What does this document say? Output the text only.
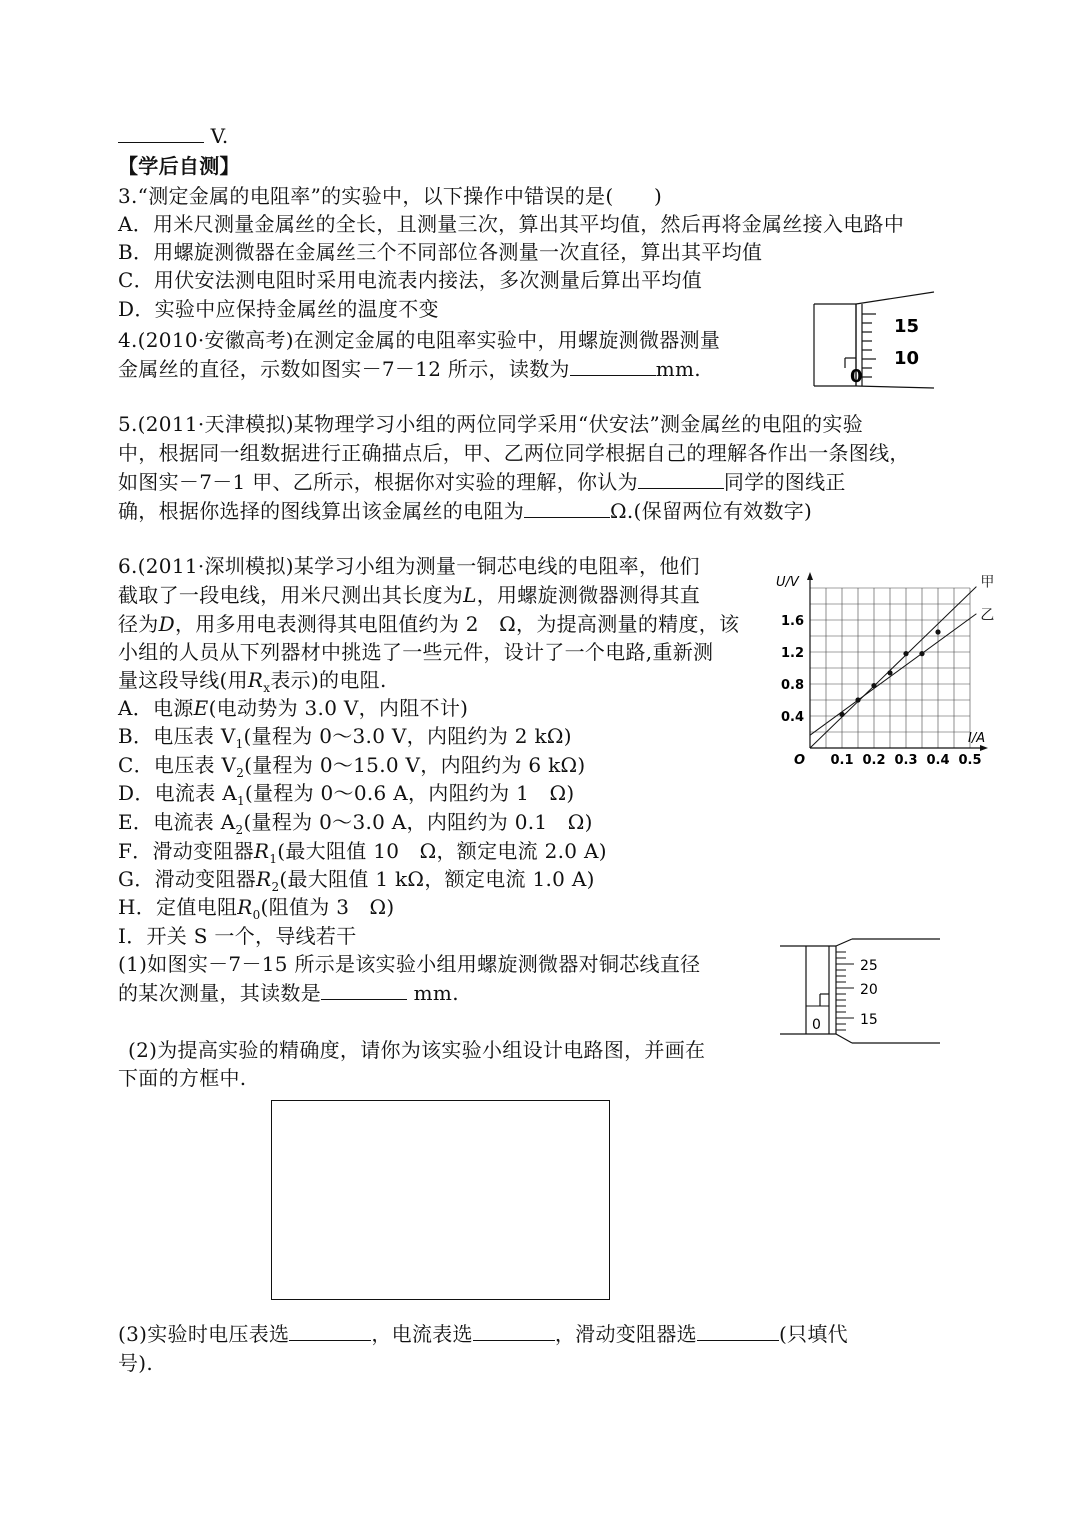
V.
【学后自测】
3.“测定金属的电阻率”的实验中，以下操作中错误的是(　　)
A．用米尺测量金属丝的全长，且测量三次，算出其平均值，然后再将金属丝接入电路中
B．用螺旋测微器在金属丝三个不同部位各测量一次直径，算出其平均值
C．用伏安法测电阻时采用电流表内接法，多次测量后算出平均值
D．实验中应保持金属丝的温度不变
4.(2010·安徽高考)在测定金属的电阻率实验中，用螺旋测微器测量
金属丝的直径，示数如图实－7－12 所示，读数为	mm.	0
15
10
5.(2011·天津模拟)某物理学习小组的两位同学采用“伏安法”测金属丝的电阻的实验
中，根据同一组数据进行正确描点后，甲、乙两位同学根据自己的理解各作出一条图线，
如图实－7－1 甲、乙所示，根据你对实验的理解，你认为	同学的图线正
确，根据你选择的图线算出该金属丝的电阻为	Ω.(保留两位有效数字)
6.(2011·深圳模拟)某学习小组为测量一铜芯电线的电阻率，他们
截取了一段电线，用米尺测出其长度为L，用螺旋测微器测得其直
径为D，用多用电表测得其电阻值约为 2　Ω，为提高测量的精度，该
小组的人员从下列器材中挑选了一些元件，设计了一个电路,重新测
量这段导线(用$R_x$表示)的电阻.
A．电源E(电动势为 3.0 V，内阻不计)
B．电压表 $V_1$(量程为 0～3.0 V，内阻约为 2 kΩ)
C．电压表 $V_2$(量程为 0～15.0 V，内阻约为 6 kΩ)
D．电流表 $A_1$(量程为 0～0.6 A，内阻约为 1　Ω)
E．电流表 $A_2$(量程为 0～3.0 A，内阻约为 0.1　Ω)
F．滑动变阻器$R_1$(最大阻值 10　Ω，额定电流 2.0 A)
G．滑动变阻器$R_2$(最大阻值 1 kΩ，额定电流 1.0 A)
H．定值电阻$R_0$(阻值为 3　Ω)
I．开关 S 一个，导线若干
(1)如图实－7－15 所示是该实验小组用螺旋测微器对铜芯线直径
的某次测量，其读数是	mm.
(2)为提高实验的精确度，请你为该实验小组设计电路图，并画在
下面的方框中.
(3)实验时电压表选	，电流表选	，滑动变阻器选	(只填代
号).
甲
乙
0.1 0.2 0.3 0.4 0.5
0.4
0.8
1.2
1.6
O
I/A
U/V
0
25
20
15
